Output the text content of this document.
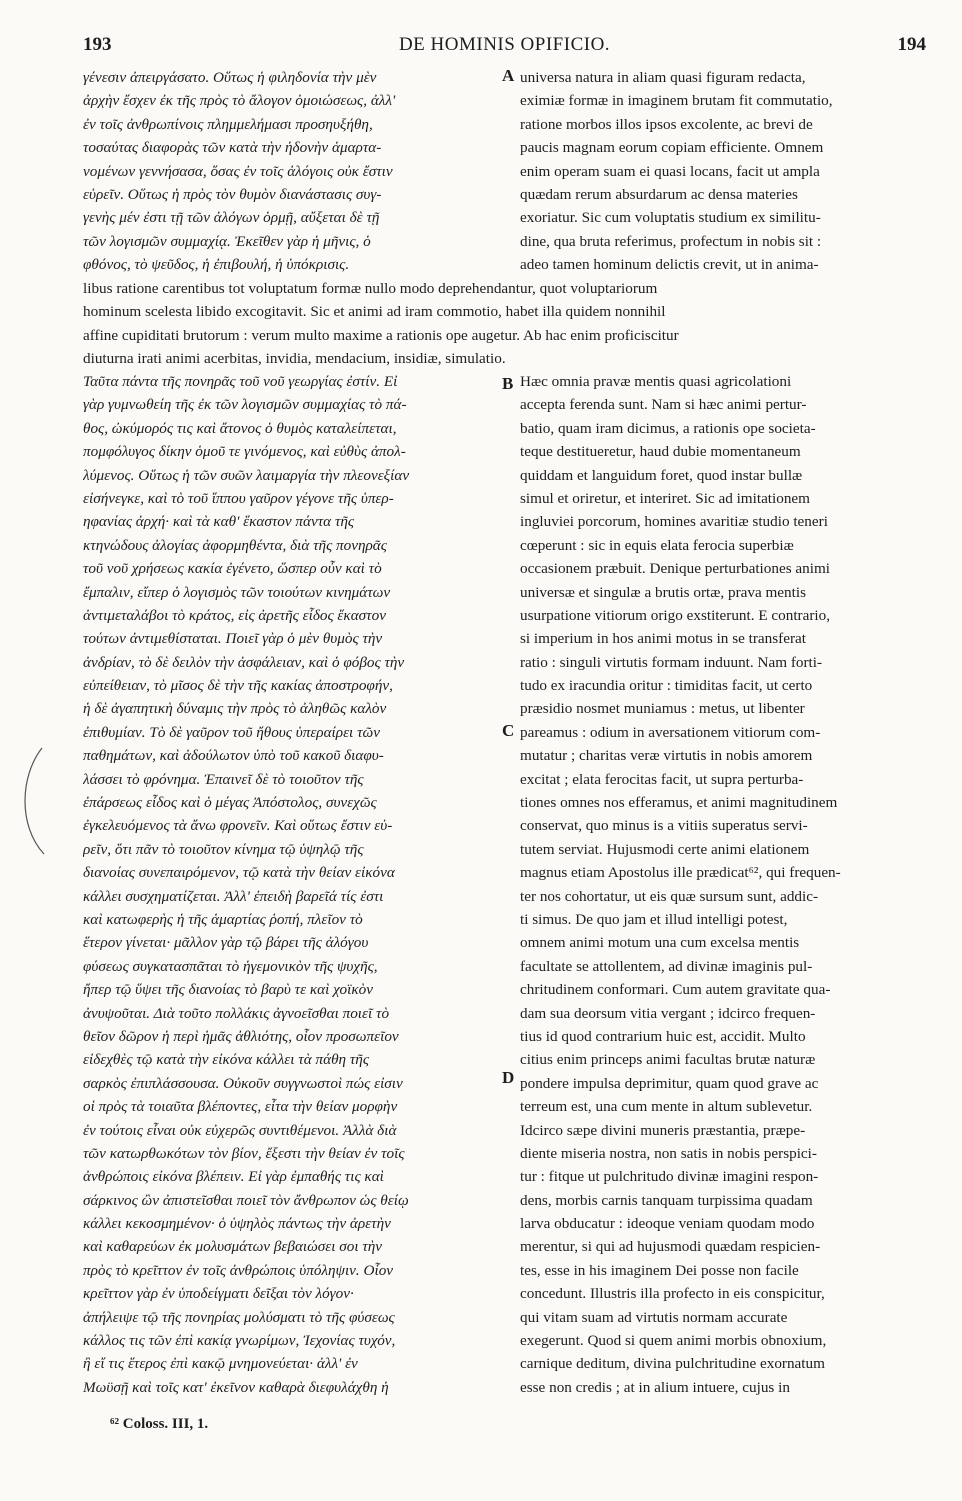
193	DE HOMINIS OPIFICIO.	194
γένεσιν ἀπειργάσατο. Οὕτως ἡ φιληδονία τὴν μὲν
ἀρχὴν ἔσχεν ἐκ τῆς πρὸς τὸ ἄλογον ὁμοιώσεως, ἀλλ'
ἐν τοῖς ἀνθρωπίνοις πλημμελήμασι προσηυξήθη,
τοσαύτας διαφορὰς τῶν κατὰ τὴν ἡδονὴν ἁμαρτα-
νομένων γεννήσασα, ὅσας ἐν τοῖς ἀλόγοις οὐκ ἔστιν
εὑρεῖν. Οὕτως ἡ πρὸς τὸν θυμὸν διανάστασις συγ-
γενὴς μέν ἐστι τῇ τῶν ἀλόγων ὁρμῇ, αὔξεται δὲ τῇ
τῶν λογισμῶν συμμαχίᾳ. Ἐκεῖθεν γὰρ ἡ μῆνις, ὁ
φθόνος, τὸ ψεῦδος, ἡ ἐπιβουλή, ἡ ὑπόκρισις.
universa natura in aliam quasi figuram redacta,
eximiæ formæ in imaginem brutam fit commutatio,
ratione morbos illos ipsos excolente, ac brevi de
paucis magnam eorum copiam efficiente. Omnem
enim operam suam ei quasi locans, facit ut ampla
quædam rerum absurdarum ac densa materies
exoriatur. Sic cum voluptatis studium ex similitu-
dine, qua bruta referimus, profectum in nobis sit :
adeo tamen hominum delictis crevit, ut in anima-
A
libus ratione carentibus tot voluptatum formæ nullo modo deprehendantur, quot voluptariorum
hominum scelesta libido excogitavit. Sic et animi ad iram commotio, habet illa quidem nonnihil
affine cupiditati brutorum : verum multo maxime a rationis ope augetur. Ab hac enim proficiscitur
diuturna irati animi acerbitas, invidia, mendacium, insidiæ, simulatio.
Ταῦτα πάντα τῆς πονηρᾶς τοῦ νοῦ γεωργίας ἐστίν. Εἰ
γὰρ γυμνωθείη τῆς ἐκ τῶν λογισμῶν συμμαχίας τὸ πά-
θος, ὠκύμορός τις καὶ ἄτονος ὁ θυμὸς καταλείπεται,
πομφόλυγος δίκην ὁμοῦ τε γινόμενος, καὶ εὐθὺς ἀπολ-
λύμενος. Οὕτως ἡ τῶν συῶν λαιμαργία τὴν πλεονεξίαν
εἰσήνεγκε, καὶ τὸ τοῦ ἵππου γαῦρον γέγονε τῆς ὑπερ-
ηφανίας ἀρχή· καὶ τὰ καθ' ἕκαστον πάντα τῆς
κτηνώδους ἀλογίας ἀφορμηθέντα, διὰ τῆς πονηρᾶς
τοῦ νοῦ χρήσεως κακία ἐγένετο, ὥσπερ οὖν καὶ τὸ
ἔμπαλιν, εἴπερ ὁ λογισμὸς τῶν τοιούτων κινημάτων
ἀντιμεταλάβοι τὸ κράτος, εἰς ἀρετῆς εἶδος ἕκαστον
τούτων ἀντιμεθίσταται. Ποιεῖ γὰρ ὁ μὲν θυμὸς τὴν
ἀνδρίαν, τὸ δὲ δειλὸν τὴν ἀσφάλειαν, καὶ ὁ φόβος τὴν
εὐπείθειαν, τὸ μῖσος δὲ τὴν τῆς κακίας ἀποστροφήν,
ἡ δὲ ἀγαπητικὴ δύναμις τὴν πρὸς τὸ ἀληθῶς καλὸν
ἐπιθυμίαν. Τὸ δὲ γαῦρον τοῦ ἤθους ὑπεραίρει τῶν
παθημάτων, καὶ ἀδούλωτον ὑπὸ τοῦ κακοῦ διαφυ-
λάσσει τὸ φρόνημα. Ἐπαινεῖ δὲ τὸ τοιοῦτον τῆς
ἐπάρσεως εἶδος καὶ ὁ μέγας Ἀπόστολος, συνεχῶς
ἐγκελευόμενος τὰ ἄνω φρονεῖν. Καὶ οὕτως ἔστιν εὑ-
ρεῖν, ὅτι πᾶν τὸ τοιοῦτον κίνημα τῷ ὑψηλῷ τῆς
διανοίας συνεπαιρόμενον, τῷ κατὰ τὴν θείαν εἰκόνα
κάλλει συσχηματίζεται. Ἀλλ' ἐπειδὴ βαρεῖά τίς ἐστι
καὶ κατωφερὴς ἡ τῆς ἁμαρτίας ῥοπή, πλεῖον τὸ
ἕτερον γίνεται· μᾶλλον γὰρ τῷ βάρει τῆς ἀλόγου
φύσεως συγκατασπᾶται τὸ ἡγεμονικὸν τῆς ψυχῆς,
ἤπερ τῷ ὕψει τῆς διανοίας τὸ βαρὺ τε καὶ χοϊκὸν
ἀνυψοῦται. Διὰ τοῦτο πολλάκις ἀγνοεῖσθαι ποιεῖ τὸ
θεῖον δῶρον ἡ περὶ ἡμᾶς ἀθλιότης, οἷον προσωπεῖον
εἰδεχθὲς τῷ κατὰ τὴν εἰκόνα κάλλει τὰ πάθη τῆς
σαρκὸς ἐπιπλάσσουσα. Οὐκοῦν συγγνωστοὶ πώς εἰσιν
οἱ πρὸς τὰ τοιαῦτα βλέποντες, εἶτα τὴν θείαν μορφὴν
ἐν τούτοις εἶναι οὐκ εὐχερῶς συντιθέμενοι. Ἀλλὰ διὰ
τῶν κατωρθωκότων τὸν βίον, ἔξεστι τὴν θείαν ἐν τοῖς
ἀνθρώποις εἰκόνα βλέπειν. Εἰ γὰρ ἐμπαθής τις καὶ
σάρκινος ὢν ἀπιστεῖσθαι ποιεῖ τὸν ἄνθρωπον ὡς θείῳ
κάλλει κεκοσμημένον· ὁ ὑψηλὸς πάντως τὴν ἀρετὴν
καὶ καθαρεύων ἐκ μολυσμάτων βεβαιώσει σοι τὴν
πρὸς τὸ κρεῖττον ἐν τοῖς ἀνθρώποις ὑπόληψιν. Οἷον
κρεῖττον γὰρ ἐν ὑποδείγματι δεῖξαι τὸν λόγον·
ἀπήλειψε τῷ τῆς πονηρίας μολύσματι τὸ τῆς φύσεως
κάλλος τις τῶν ἐπὶ κακίᾳ γνωρίμων, Ἰεχονίας τυχόν,
ἢ εἴ τις ἕτερος ἐπὶ κακῷ μνημονεύεται· ἀλλ' ἐν
Μωϋσῇ καὶ τοῖς κατ' ἐκεῖνον καθαρὰ διεφυλάχθη ἡ
Hæc omnia pravæ mentis quasi agricolationi
accepta ferenda sunt. Nam si hæc animi pertur-
batio, quam iram dicimus, a rationis ope societa-
teque destitueretur, haud dubie momentaneum
quiddam et languidum foret, quod instar bullæ
simul et oriretur, et interiret. Sic ad imitationem
ingluviei porcorum, homines avaritiæ studio teneri
cœperunt : sic in equis elata ferocia superbiæ
occasionem præbuit. Denique perturbationes animi
universæ et singulæ a brutis ortæ, prava mentis
usurpatione vitiorum origo exstiterunt. E contrario,
si imperium in hos animi motus in se transferat
ratio : singuli virtutis formam induunt. Nam forti-
tudo ex iracundia oritur : timiditas facit, ut certo
præsidio nosmet muniamus : metus, ut libenter
pareamus : odium in aversationem vitiorum com-
mutatur ; charitas veræ virtutis in nobis amorem
excitat ; elata ferocitas facit, ut supra perturba-
tiones omnes nos efferamus, et animi magnitudinem
conservat, quo minus is a vitiis superatus servi-
tutem serviat. Hujusmodi certe animi elationem
magnus etiam Apostolus ille prædicat⁶², qui frequen-
ter nos cohortatur, ut eis quæ sursum sunt, addic-
ti simus. De quo jam et illud intelligi potest,
omnem animi motum una cum excelsa mentis
facultate se attollentem, ad divinæ imaginis pul-
chritudinem conformari. Cum autem gravitate qua-
dam sua deorsum vitia vergant ; idcirco frequen-
tius id quod contrarium huic est, accidit. Multo
citius enim princeps animi facultas brutæ naturæ
pondere impulsa deprimitur, quam quod grave ac
terreum est, una cum mente in altum sublevetur.
Idcirco sæpe divini muneris præstantia, præpe-
diente miseria nostra, non satis in nobis perspici-
tur : fitque ut pulchritudo divinæ imagini respon-
dens, morbis carnis tanquam turpissima quadam
larva obducatur : ideoque veniam quodam modo
merentur, si qui ad hujusmodi quædam respicien-
tes, esse in his imaginem Dei posse non facile
concedunt. Illustris illa profecto in eis conspicitur,
qui vitam suam ad virtutis normam accurate
exegerunt. Quod si quem animi morbis obnoxium,
carnique deditum, divina pulchritudine exornatum
esse non credis ; at in alium intuere, cujus in
B
C
D
⁶² Coloss. III, 1.
